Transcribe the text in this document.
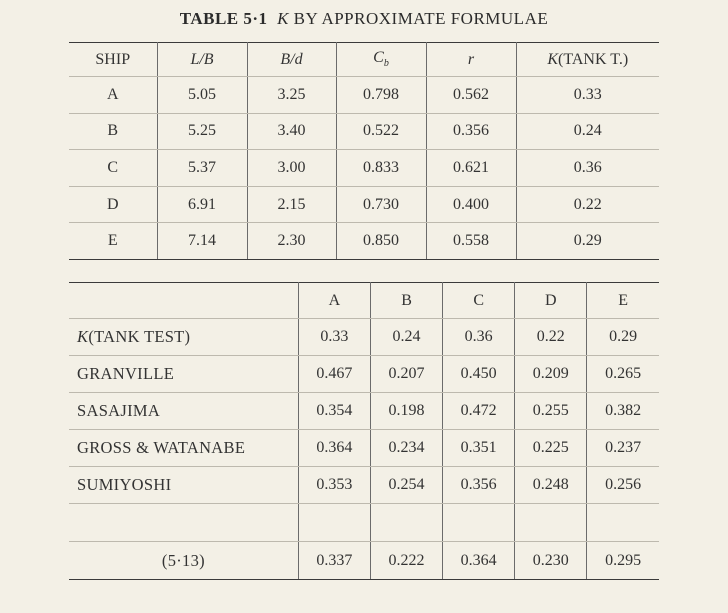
TABLE 5·1 K BY APPROXIMATE FORMULAE
SHIP	L/B	B/d	$C_b$	r	K(TANK T.)
A	5.05	3.25	0.798	0.562	0.33
B	5.25	3.40	0.522	0.356	0.24
C	5.37	3.00	0.833	0.621	0.36
D	6.91	2.15	0.730	0.400	0.22
E	7.14	2.30	0.850	0.558	0.29
	A	B	C	D	E
K(TANK TEST)	0.33	0.24	0.36	0.22	0.29
GRANVILLE	0.467	0.207	0.450	0.209	0.265
SASAJIMA	0.354	0.198	0.472	0.255	0.382
GROSS & WATANABE	0.364	0.234	0.351	0.225	0.237
SUMIYOSHI	0.353	0.254	0.356	0.248	0.256

(5·13)	0.337	0.222	0.364	0.230	0.295
